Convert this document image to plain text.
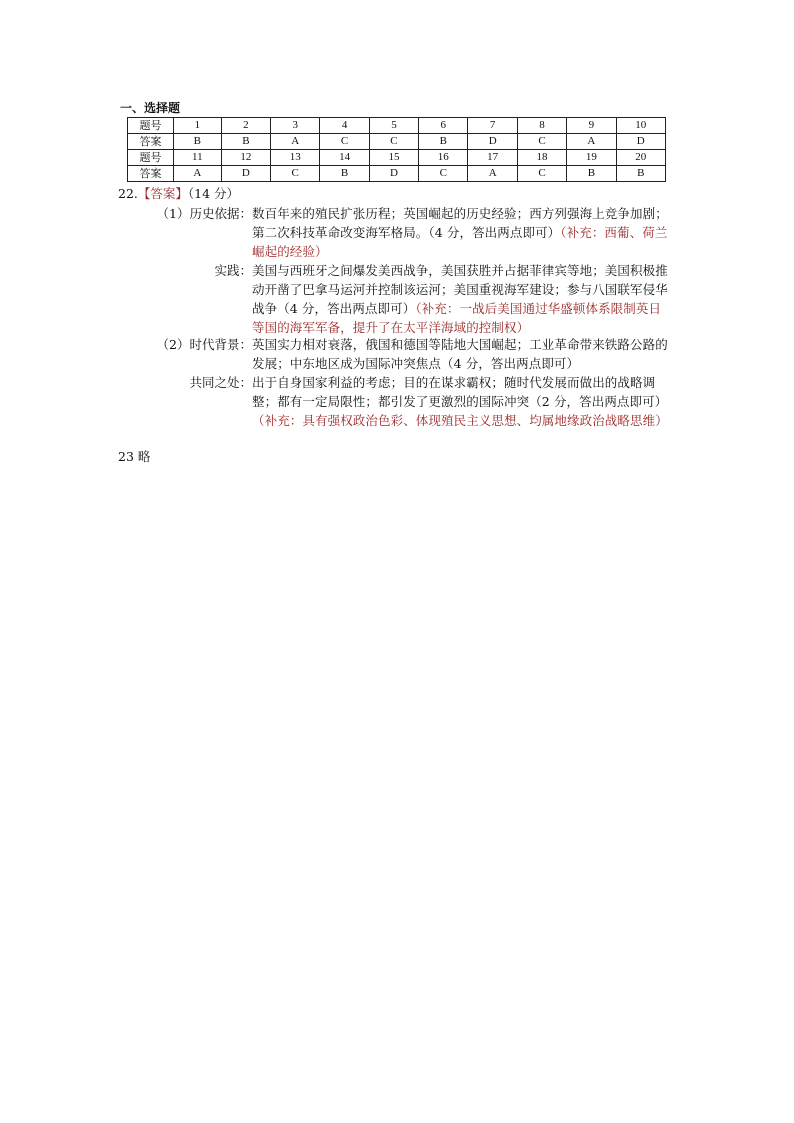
一、选择题
题号	1	2	3	4	5	6	7	8	9	10
答案	B	B	A	C	C	B	D	C	A	D
题号	11	12	13	14	15	16	17	18	19	20
答案	A	D	C	B	D	C	A	C	B	B
22.【答案】（14 分）
（1）历史依据： 数百年来的殖民扩张历程；英国崛起的历史经验；西方列强海上竞争加剧；第二次科技革命改变海军格局。（4 分，答出两点即可）（补充：西葡、荷兰崛起的经验）
实践： 美国与西班牙之间爆发美西战争，美国获胜并占据菲律宾等地；美国积极推动开凿了巴拿马运河并控制该运河；美国重视海军建设；参与八国联军侵华战争（4 分，答出两点即可）（补充：一战后美国通过华盛顿体系限制英日等国的海军军备，提升了在太平洋海域的控制权）
（2）时代背景： 英国实力相对衰落，俄国和德国等陆地大国崛起；工业革命带来铁路公路的发展；中东地区成为国际冲突焦点（4 分，答出两点即可）
共同之处： 出于自身国家利益的考虑；目的在谋求霸权；随时代发展而做出的战略调整；都有一定局限性；都引发了更激烈的国际冲突（2 分，答出两点即可）（补充：具有强权政治色彩、体现殖民主义思想、均属地缘政治战略思维）
23 略
